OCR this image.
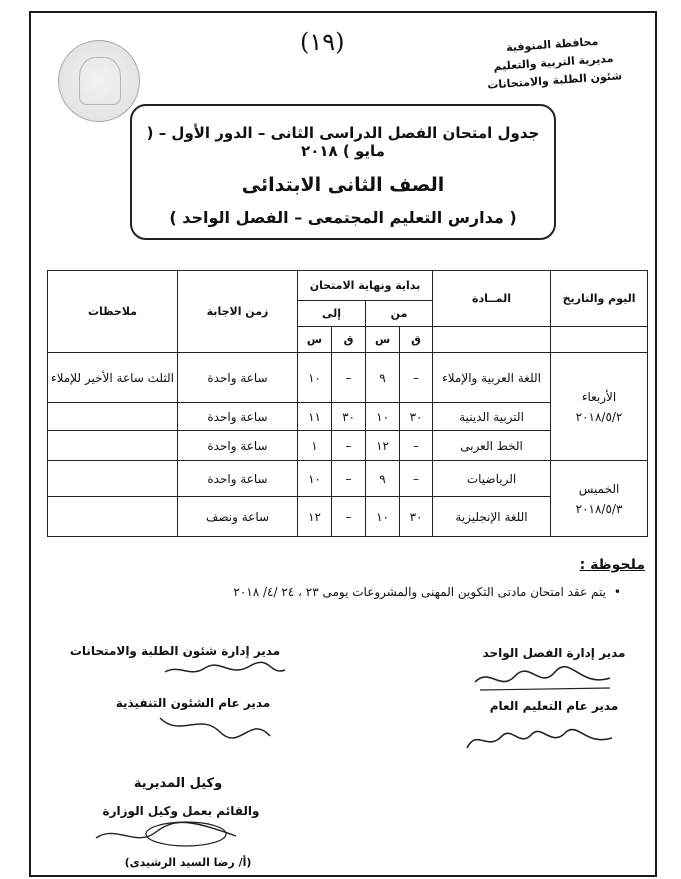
(١٩)	محافظة المنوفية
مديرية التربية والتعليم
شئون الطلبة والامتحانات
جدول امتحان الفصل الدراسى الثانى – الدور الأول – ( مايو ) ٢٠١٨
الصف الثانى الابتدائى
( مدارس التعليم المجتمعى – الفصل الواحد )
اليوم والتاريخ	المــادة	بداية ونهاية الامتحان				زمن الاجابة	ملاحظات
		من		إلى			
		ق	س	ق	س		

الأربعاء
٢٠١٨/٥/٢	اللغة العربية والإملاء	–	٩	–	١٠	ساعة واحدة	الثلث ساعة الأخير للإملاء
	التربية الدينية	٣٠	١٠	٣٠	١١	ساعة واحدة	
	الخط العربى	–	١٢	–	١	ساعة واحدة	

الخميس
٢٠١٨/٥/٣	الرياضيات	–	٩	–	١٠	ساعة واحدة	
	اللغة الإنجليزية	٣٠	١٠	–	١٢	ساعة ونصف	
ملحوظة :
•يتم عقد امتحان مادتى التكوين المهنى والمشروعات يومى ٢٣ ، ٢٤ /٤/ ٢٠١٨
مدير إدارة الفصل الواحد
مدير عام التعليم العام
مدير إدارة شئون الطلبة والامتحانات
مدير عام الشئون التنفيذية
وكيل المديرية
والقائم بعمل وكيل الوزارة
(أ/ رضا السيد الرشيدى)
